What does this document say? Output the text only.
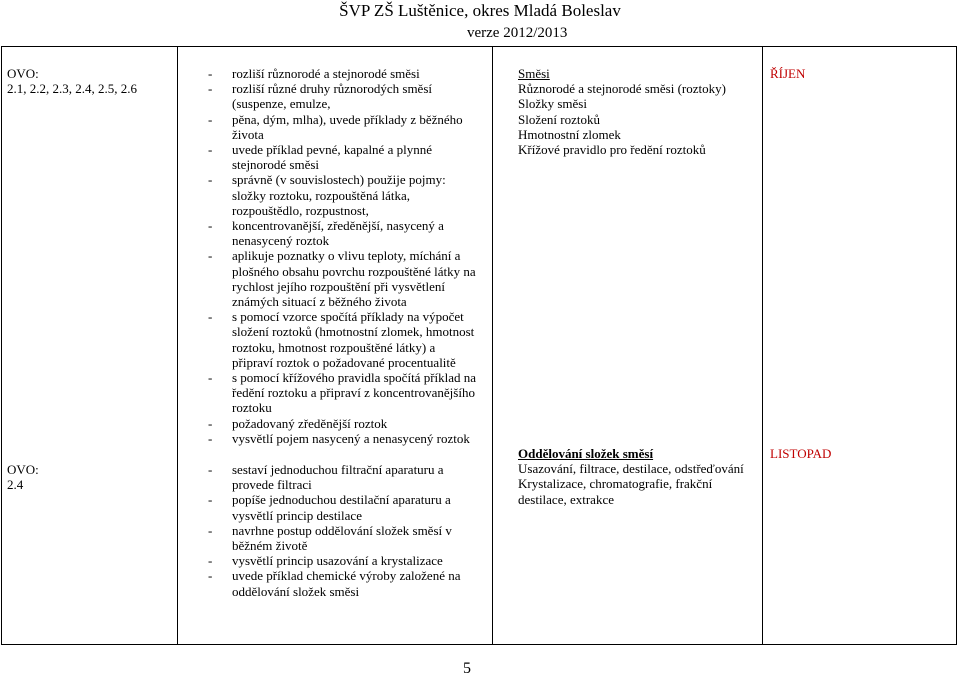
ŠVP ZŠ Luštěnice, okres Mladá Boleslav
verze 2012/2013
OVO:
2.1, 2.2, 2.3, 2.4, 2.5, 2.6
- rozliší různorodé a stejnorodé směsi
- rozliší různé druhy různorodých směsí
(suspenze, emulze,
- pěna, dým, mlha), uvede příklady z běžného
života
- uvede příklad pevné, kapalné a plynné
stejnorodé směsi
- správně (v souvislostech) použije pojmy:
složky roztoku, rozpouštěná látka,
rozpouštědlo, rozpustnost,
- koncentrovanější, zředěnější, nasycený a
nenasycený roztok
- aplikuje poznatky o vlivu teploty, míchání a
plošného obsahu povrchu rozpouštěné látky na
rychlost jejího rozpouštění při vysvětlení
známých situací z běžného života
- s pomocí vzorce spočítá příklady na výpočet
složení roztoků (hmotnostní zlomek, hmotnost
roztoku, hmotnost rozpouštěné látky) a
připraví roztok o požadované procentualitě
- s pomocí křížového pravidla spočítá příklad na
ředění roztoku a připraví z koncentrovanějšího
roztoku
- požadovaný zředěnější roztok
- vysvětlí pojem nasycený a nenasycený roztok
Směsi
Různorodé a stejnorodé směsi (roztoky)
Složky směsi
Složení roztoků
Hmotnostní zlomek
Křížové pravidlo pro ředění roztoků
ŘÍJEN
OVO:
2.4
- sestaví jednoduchou filtrační aparaturu a
provede filtraci
- popíše jednoduchou destilační aparaturu a
vysvětlí princip destilace
- navrhne postup oddělování složek směsí v
běžném životě
- vysvětlí princip usazování a krystalizace
- uvede příklad chemické výroby založené na
oddělování složek směsi
Oddělování složek směsí
Usazování, filtrace, destilace, odstřeďování
Krystalizace, chromatografie, frakční
destilace, extrakce
LISTOPAD
5
